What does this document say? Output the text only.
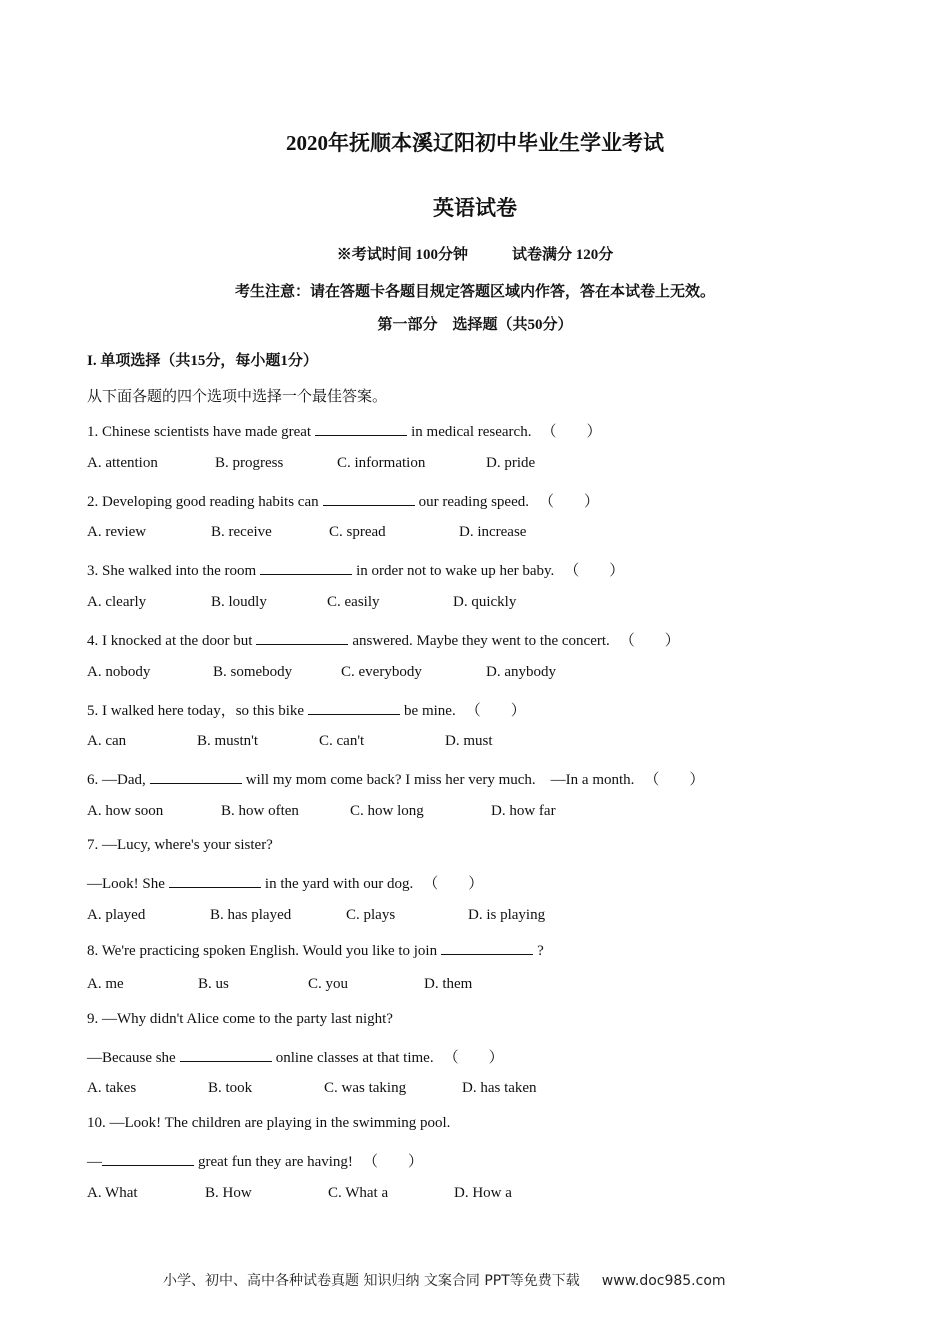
2020年抚顺本溪辽阳初中毕业生学业考试
英语试卷
※考试时间 100分钟	试卷满分 120分
考生注意：请在答题卡各题目规定答题区域内作答，答在本试卷上无效。
第一部分　选择题（共50分）
I. 单项选择（共15分，每小题1分）
从下面各题的四个选项中选择一个最佳答案。
1. Chinese scientists have made great	in medical research. （　　）
A. attention	B. progress	C. information	D. pride
2. Developing good reading habits can	our reading speed. （　　）
A. review	B. receive	C. spread	D. increase
3. She walked into the room	in order not to wake up her baby. （　　）
A. clearly	B. loudly	C. easily	D. quickly
4. I knocked at the door but	answered. Maybe they went to the concert. （　　）
A. nobody	B. somebody	C. everybody	D. anybody
5. I walked here today，so this bike	be mine. （　　）
A. can	B. mustn't	C. can't	D. must
6. —Dad,	will my mom come back? I miss her very much.　—In a month. （　　）
A. how soon	B. how often	C. how long	D. how far
7. —Lucy, where's your sister?
—Look! She	in the yard with our dog. （　　）
A. played	B. has played	C. plays	D. is playing
8. We're practicing spoken English. Would you like to join	?
A. me	B. us	C. you	D. them
9. —Why didn't Alice come to the party last night?
—Because she	online classes at that time. （　　）
A. takes	B. took	C. was taking	D. has taken
10. —Look! The children are playing in the swimming pool.
—	great fun they are having! （　　）
A. What	B. How	C. What a	D. How a
小学、初中、高中各种试卷真题 知识归纳 文案合同 PPT等免费下载 www.doc985.com
